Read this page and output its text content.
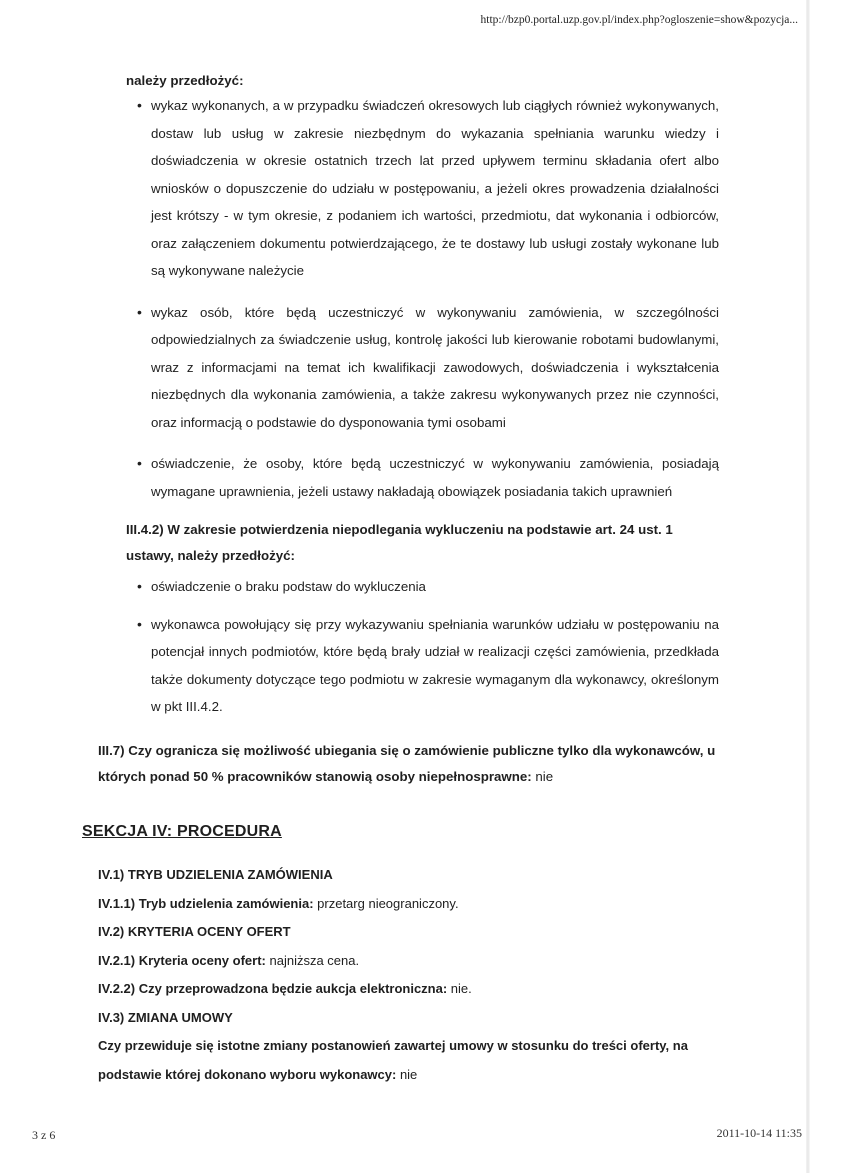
http://bzp0.portal.uzp.gov.pl/index.php?ogloszenie=show&pozycja...
należy przedłożyć:
• wykaz wykonanych, a w przypadku świadczeń okresowych lub ciągłych również wykonywanych, dostaw lub usług w zakresie niezbędnym do wykazania spełniania warunku wiedzy i doświadczenia w okresie ostatnich trzech lat przed upływem terminu składania ofert albo wniosków o dopuszczenie do udziału w postępowaniu, a jeżeli okres prowadzenia działalności jest krótszy - w tym okresie, z podaniem ich wartości, przedmiotu, dat wykonania i odbiorców, oraz załączeniem dokumentu potwierdzającego, że te dostawy lub usługi zostały wykonane lub są wykonywane należycie
• wykaz osób, które będą uczestniczyć w wykonywaniu zamówienia, w szczególności odpowiedzialnych za świadczenie usług, kontrolę jakości lub kierowanie robotami budowlanymi, wraz z informacjami na temat ich kwalifikacji zawodowych, doświadczenia i wykształcenia niezbędnych dla wykonania zamówienia, a także zakresu wykonywanych przez nie czynności, oraz informacją o podstawie do dysponowania tymi osobami
• oświadczenie, że osoby, które będą uczestniczyć w wykonywaniu zamówienia, posiadają wymagane uprawnienia, jeżeli ustawy nakładają obowiązek posiadania takich uprawnień
III.4.2) W zakresie potwierdzenia niepodlegania wykluczeniu na podstawie art. 24 ust. 1 ustawy, należy przedłożyć:
• oświadczenie o braku podstaw do wykluczenia
• wykonawca powołujący się przy wykazywaniu spełniania warunków udziału w postępowaniu na potencjał innych podmiotów, które będą brały udział w realizacji części zamówienia, przedkłada także dokumenty dotyczące tego podmiotu w zakresie wymaganym dla wykonawcy, określonym w pkt III.4.2.
III.7) Czy ogranicza się możliwość ubiegania się o zamówienie publiczne tylko dla wykonawców, u których ponad 50 % pracowników stanowią osoby niepełnosprawne: nie
SEKCJA IV: PROCEDURA
IV.1) TRYB UDZIELENIA ZAMÓWIENIA
IV.1.1) Tryb udzielenia zamówienia: przetarg nieograniczony.
IV.2) KRYTERIA OCENY OFERT
IV.2.1) Kryteria oceny ofert: najniższa cena.
IV.2.2) Czy przeprowadzona będzie aukcja elektroniczna: nie.
IV.3) ZMIANA UMOWY
Czy przewiduje się istotne zmiany postanowień zawartej umowy w stosunku do treści oferty, na podstawie której dokonano wyboru wykonawcy: nie
3 z 6	2011-10-14 11:35
